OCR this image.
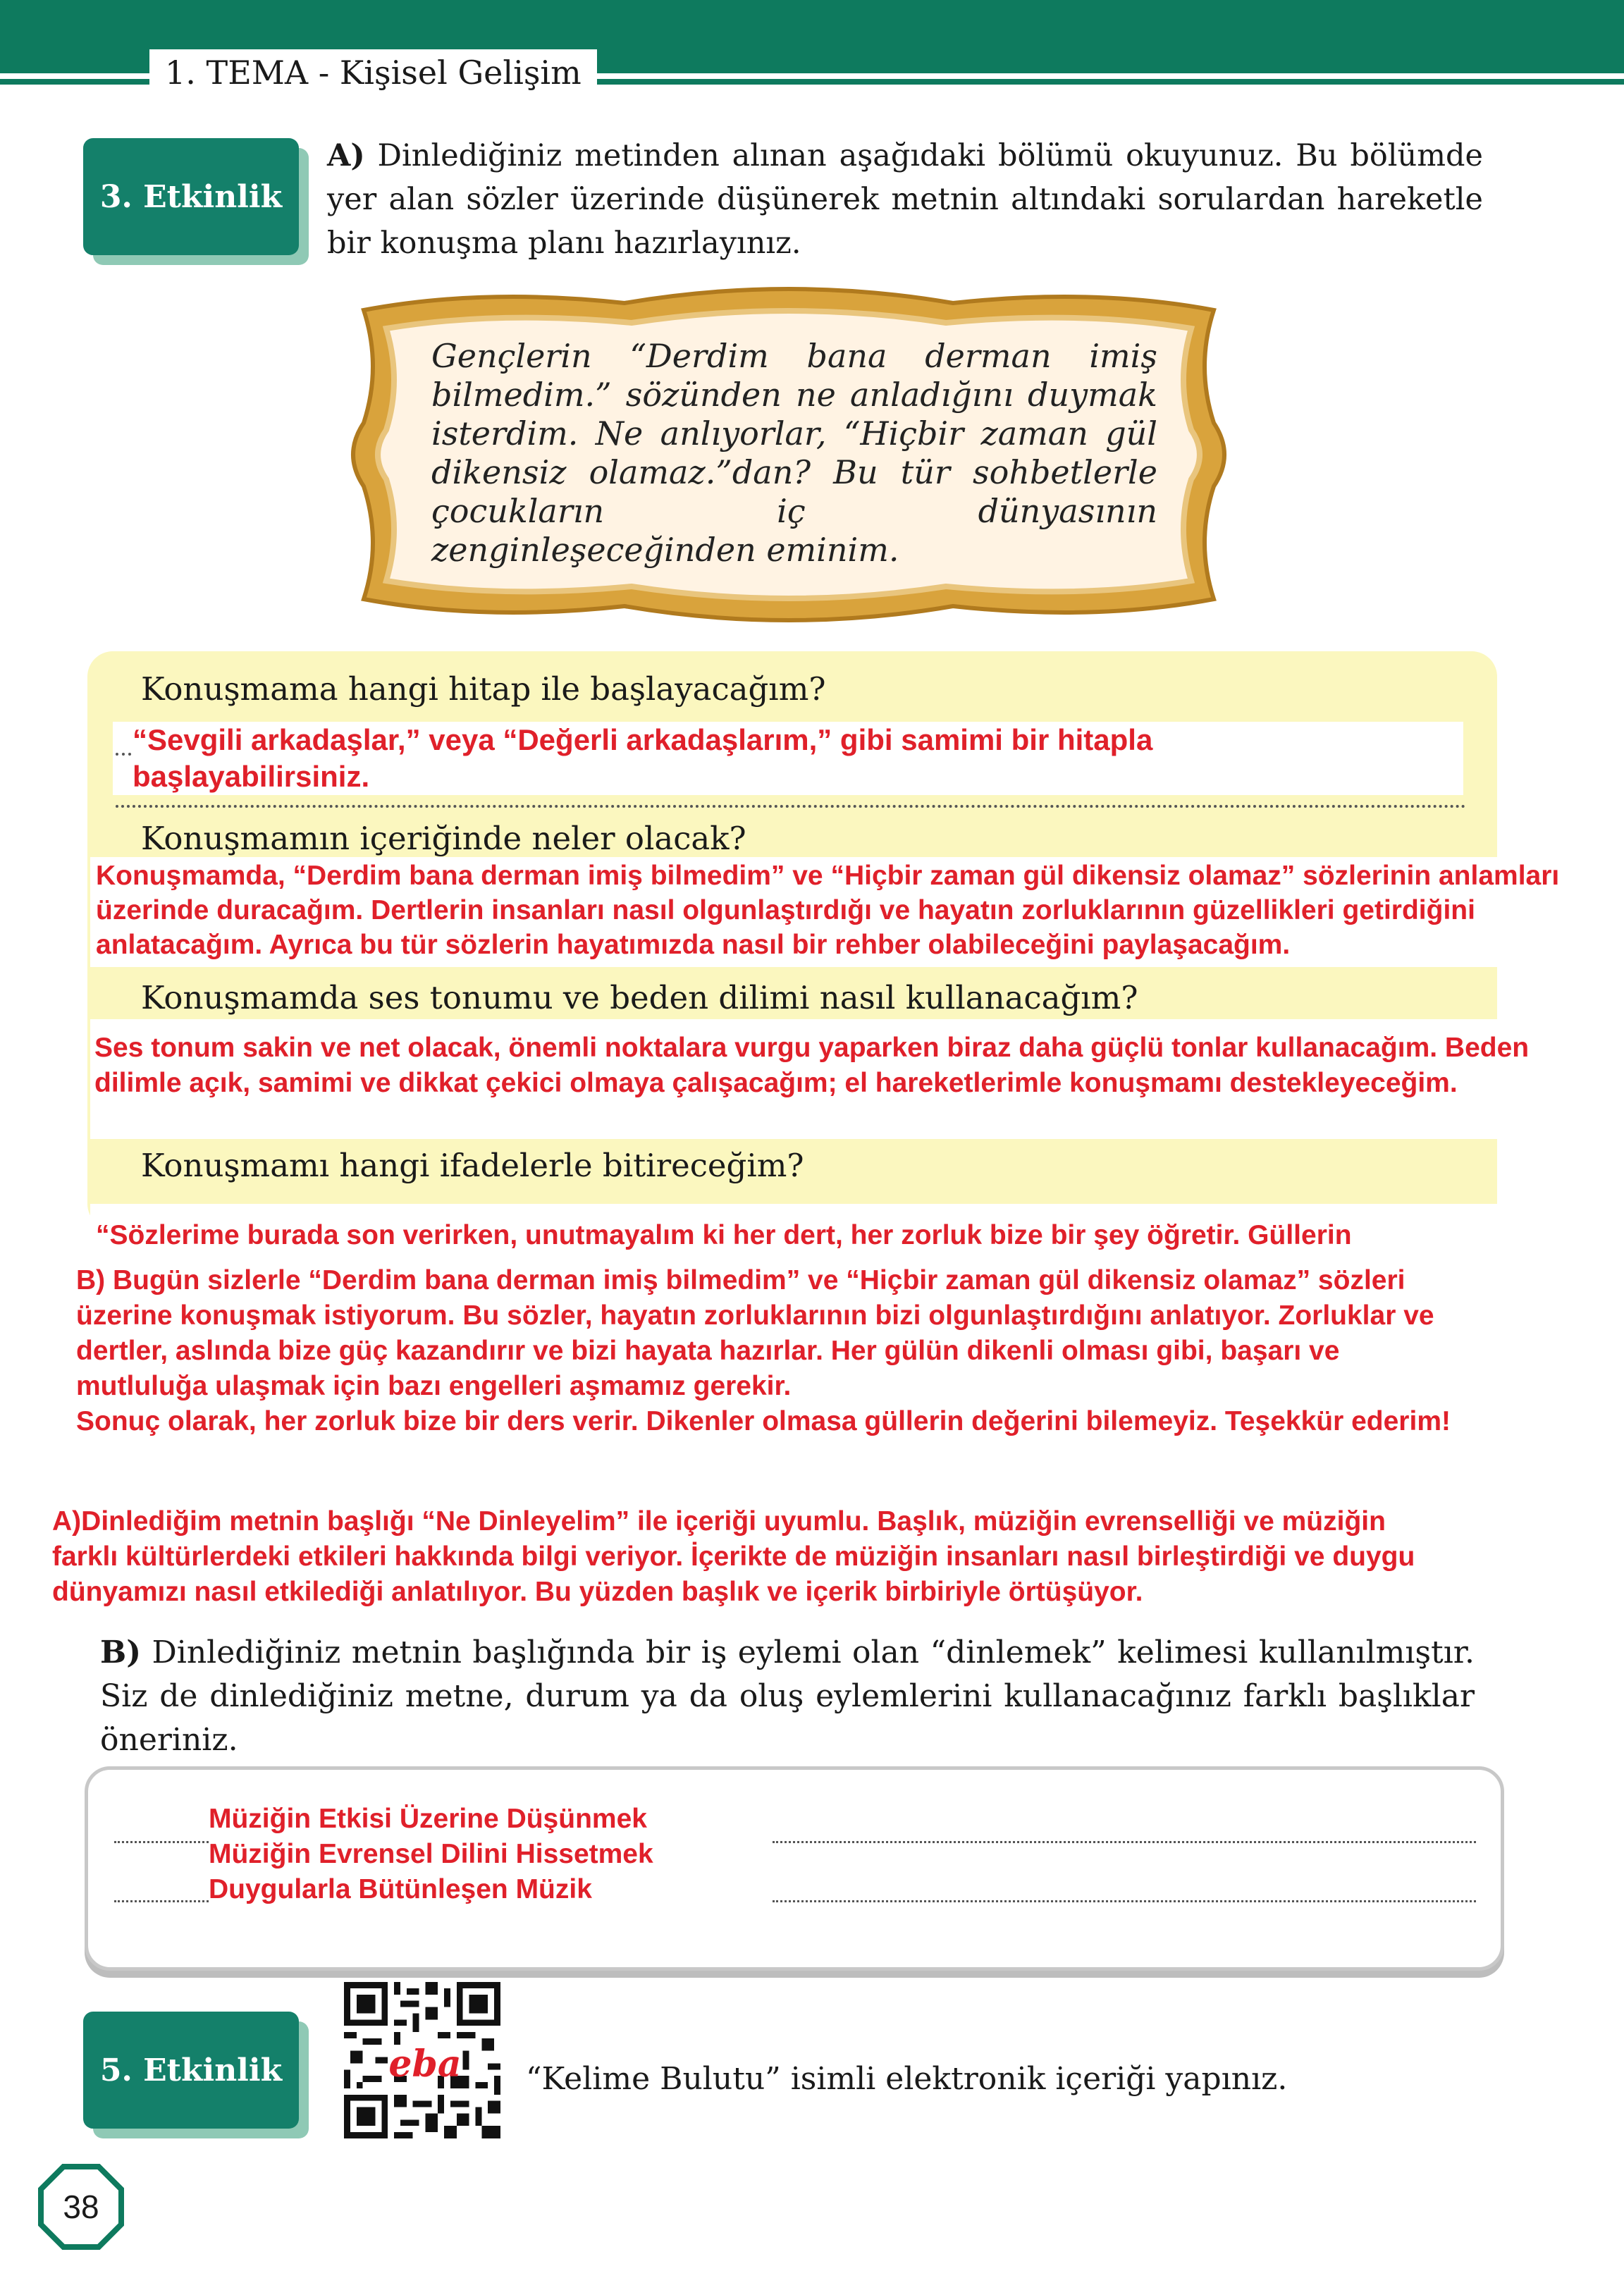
1. TEMA - Kişisel Gelişim
3. Etkinlik
A) Dinlediğiniz metinden alınan aşağıdaki bölümü okuyunuz. Bu bölümde yer alan sözler üzerinde düşünerek metnin altındaki sorulardan hareketle bir konuşma planı hazırlayınız.
Gençlerin “Derdim bana derman imiş bilmedim.” sözünden ne anladığını duymak isterdim. Ne anlıyorlar, “Hiçbir zaman gül dikensiz olamaz.”dan? Bu tür sohbetlerle çocukların iç dünyasının zenginleşeceğinden eminim.
Konuşmama hangi hitap ile başlayacağım?
“Sevgili arkadaşlar,” veya “Değerli arkadaşlarım,” gibi samimi bir hitapla başlayabilirsiniz.
Konuşmamın içeriğinde neler olacak?
Konuşmamda, “Derdim bana derman imiş bilmedim” ve “Hiçbir zaman gül dikensiz olamaz” sözlerinin anlamları üzerinde duracağım. Dertlerin insanları nasıl olgunlaştırdığı ve hayatın zorluklarının güzellikleri getirdiğini anlatacağım. Ayrıca bu tür sözlerin hayatımızda nasıl bir rehber olabileceğini paylaşacağım.
Konuşmamda ses tonumu ve beden dilimi nasıl kullanacağım?
Ses tonum sakin ve net olacak, önemli noktalara vurgu yaparken biraz daha güçlü tonlar kullanacağım. Beden dilimle açık, samimi ve dikkat çekici olmaya çalışacağım; el hareketlerimle konuşmamı destekleyeceğim.
Konuşmamı hangi ifadelerle bitireceğim?
“Sözlerime burada son verirken, unutmayalım ki her dert, her zorluk bize bir şey öğretir. Güllerin
B) Bugün sizlerle “Derdim bana derman imiş bilmedim” ve “Hiçbir zaman gül dikensiz olamaz” sözleri
üzerine konuşmak istiyorum. Bu sözler, hayatın zorluklarının bizi olgunlaştırdığını anlatıyor. Zorluklar ve
dertler, aslında bize güç kazandırır ve bizi hayata hazırlar. Her gülün dikenli olması gibi, başarı ve
mutluluğa ulaşmak için bazı engelleri aşmamız gerekir.
Sonuç olarak, her zorluk bize bir ders verir. Dikenler olmasa güllerin değerini bilemeyiz. Teşekkür ederim!
A)Dinlediğim metnin başlığı “Ne Dinleyelim” ile içeriği uyumlu. Başlık, müziğin evrenselliği ve müziğin
farklı kültürlerdeki etkileri hakkında bilgi veriyor. İçerikte de müziğin insanları nasıl birleştirdiği ve duygu
dünyamızı nasıl etkilediği anlatılıyor. Bu yüzden başlık ve içerik birbiriyle örtüşüyor.
B) Dinlediğiniz metnin başlığında bir iş eylemi olan “dinlemek” kelimesi kullanılmıştır. Siz de dinlediğiniz metne, durum ya da oluş eylemlerini kullanacağınız farklı başlıklar öneriniz.
Müziğin Etkisi Üzerine Düşünmek
Müziğin Evrensel Dilini Hissetmek
Duygularla Bütünleşen Müzik
5. Etkinlik	eba “Kelime Bulutu” isimli elektronik içeriği yapınız.
38
